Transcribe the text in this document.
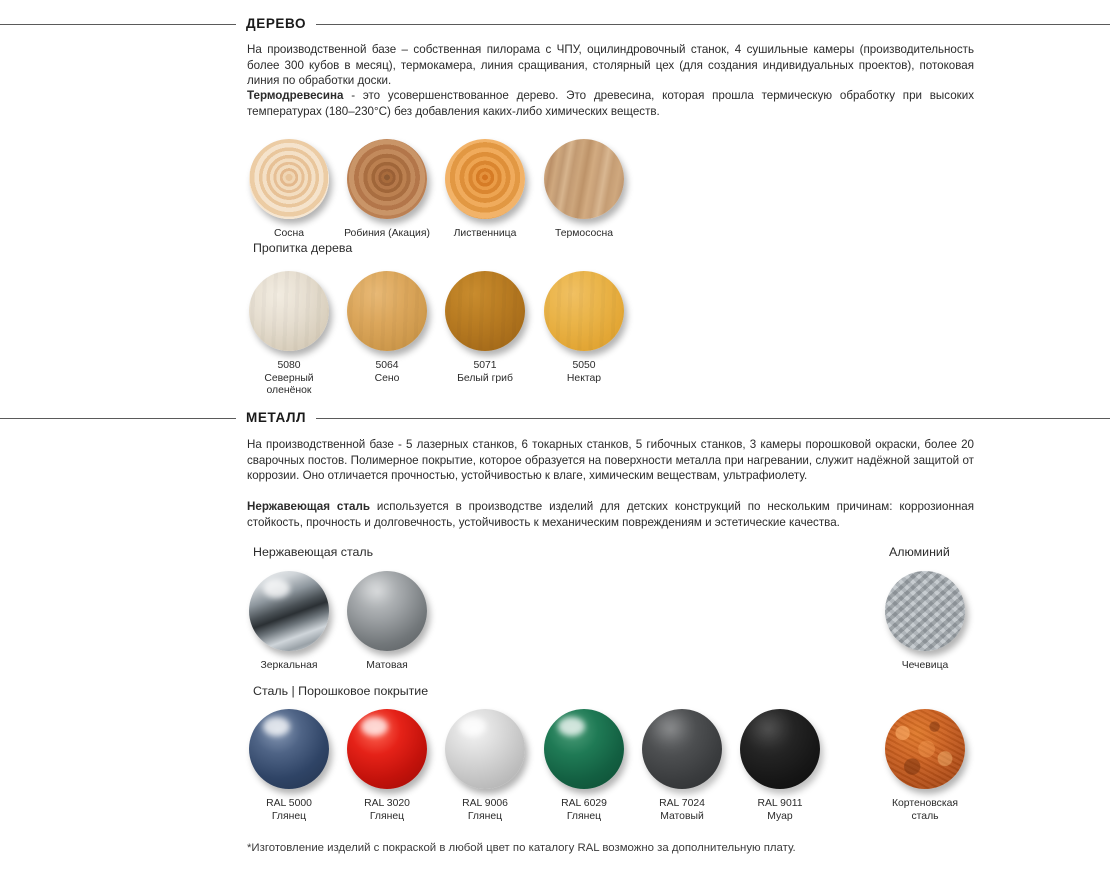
ДЕРЕВО
На производственной базе – собственная пилорама с ЧПУ, оцилиндровочный станок, 4 сушильные камеры (производительность более 300 кубов в месяц), термокамера, линия сращивания, столярный цех (для создания индивидуальных проектов), потоковая линия по обработки доски.
Термодревесина - это усовершенствованное дерево. Это древесина, которая прошла термическую обработку при высоких температурах (180–230°С) без добавления каких-либо химических веществ.
Сосна	Робиния (Акация)	Лиственница	Термососна
Пропитка дерева
5080
Северный
оленёнок
5064
Сено
5071
Белый гриб
5050
Нектар
МЕТАЛЛ
На производственной базе - 5 лазерных станков, 6 токарных станков, 5 гибочных станков, 3 камеры порошковой окраски, более 20 сварочных постов. Полимерное покрытие, которое образуется на поверхности металла при нагревании, служит надёжной защитой от коррозии. Оно отличается прочностью, устойчивостью к влаге, химическим веществам, ультрафиолету.
Нержавеющая сталь используется в производстве изделий для детских конструкций по нескольким причинам: коррозионная стойкость, прочность и долговечность, устойчивость к механическим повреждениям и эстетические качества.
Нержавеющая сталь
Зеркальная	Матовая
Алюминий
Чечевица
Сталь | Порошковое покрытие
RAL 5000
Глянец
RAL 3020
Глянец
RAL 9006
Глянец
RAL 6029
Глянец
RAL 7024
Матовый
RAL 9011
Муар
Кортеновская
сталь
*Изготовление изделий с покраской в любой цвет по каталогу RAL возможно за дополнительную плату.
